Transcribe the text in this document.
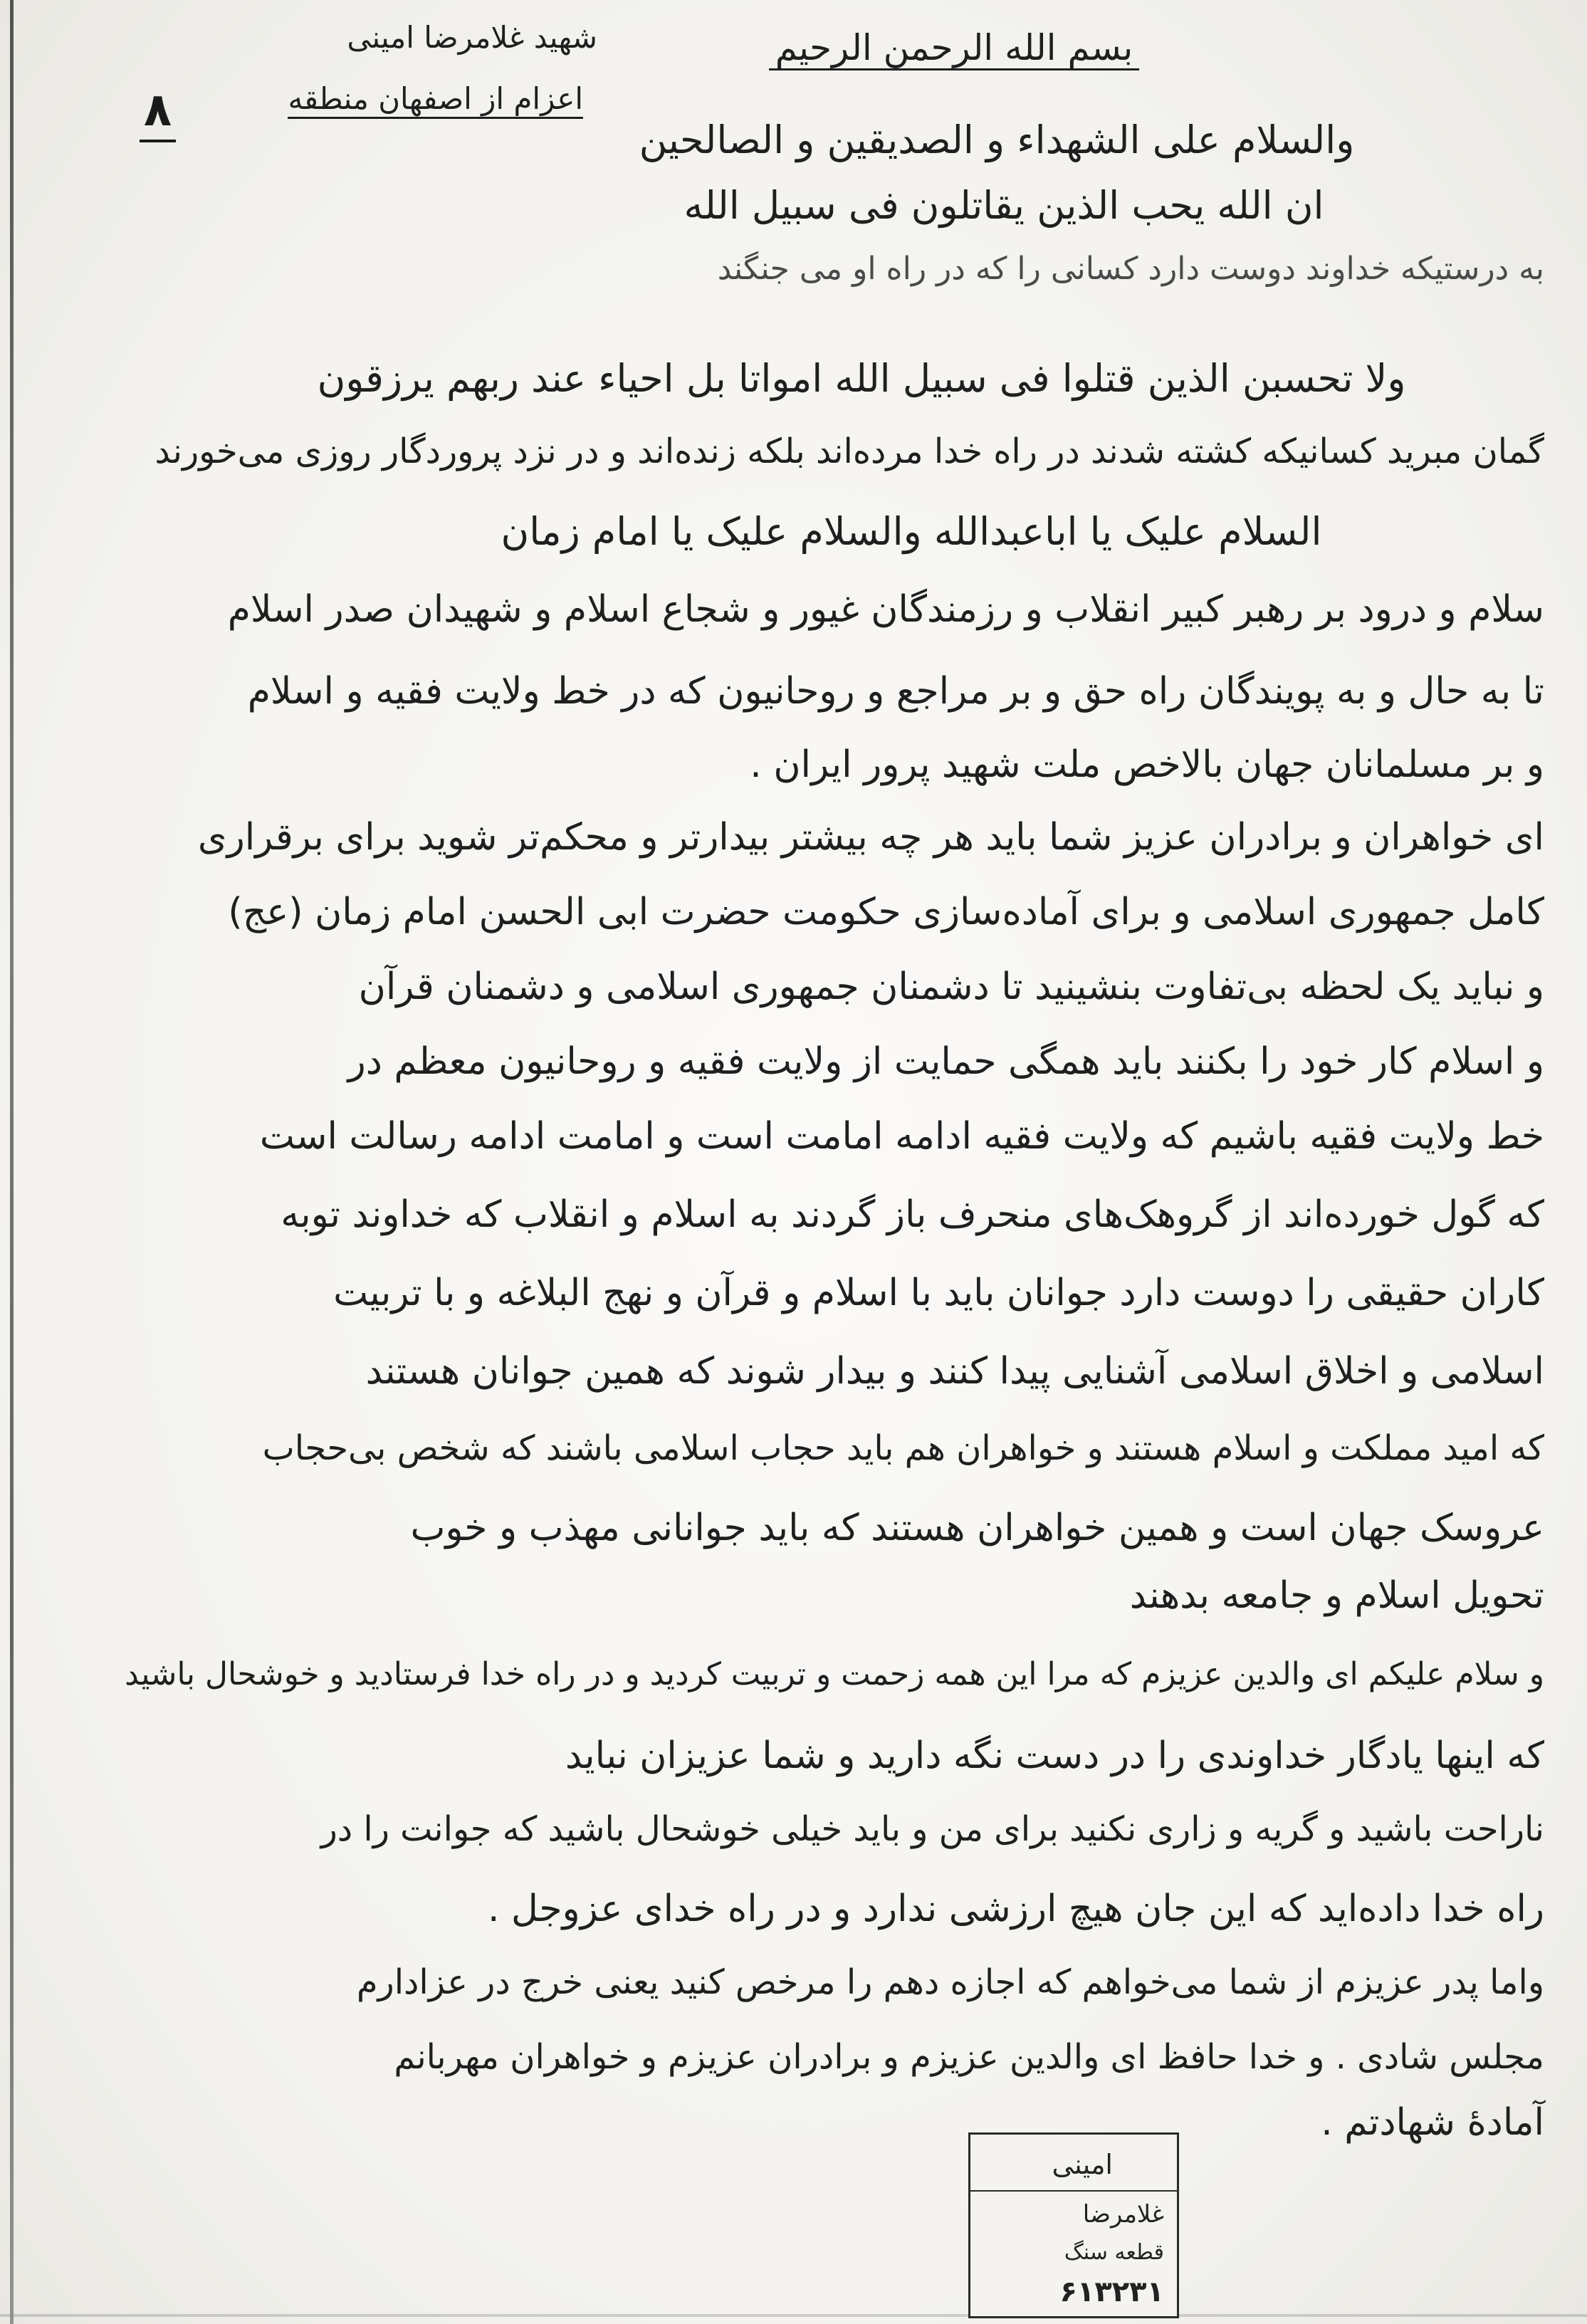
شهید غلامرضا امینی
اعزام از اصفهان منطقه
۸
بسم الله الرحمن الرحیم
والسلام علی الشهداء و الصدیقین و الصالحین
ان الله یحب الذین یقاتلون فی سبیل الله
به درستیکه خداوند دوست دارد کسانی را که در راه او می جنگند
ولا تحسبن الذین قتلوا فی سبیل الله امواتا بل احیاء عند ربهم یرزقون
گمان مبرید کسانیکه کشته شدند در راه خدا مرده‌اند بلکه زنده‌اند و در نزد پروردگار روزی می‌خورند
السلام علیک یا اباعبدالله والسلام علیک یا امام زمان
سلام و درود بر رهبر کبیر انقلاب و رزمندگان غیور و شجاع اسلام و شهیدان صدر اسلام
تا به حال و به پویندگان راه حق و بر مراجع و روحانیون که در خط ولایت فقیه و اسلام
و بر مسلمانان جهان بالاخص ملت شهید پرور ایران .
ای خواهران و برادران عزیز شما باید هر چه بیشتر بیدارتر و محکم‌تر شوید برای برقراری
کامل جمهوری اسلامی و برای آماده‌سازی حکومت حضرت ابی الحسن امام زمان (عج)
و نباید یک لحظه بی‌تفاوت بنشینید تا دشمنان جمهوری اسلامی و دشمنان قرآن
و اسلام کار خود را بکنند باید همگی حمایت از ولایت فقیه و روحانیون معظم در
خط ولایت فقیه باشیم که ولایت فقیه ادامه امامت است و امامت ادامه رسالت است
که گول خورده‌اند از گروهک‌های منحرف باز گردند به اسلام و انقلاب که خداوند توبه
کاران حقیقی را دوست دارد جوانان باید با اسلام و قرآن و نهج البلاغه و با تربیت
اسلامی و اخلاق اسلامی آشنایی پیدا کنند و بیدار شوند که همین جوانان هستند
که امید مملکت و اسلام هستند و خواهران هم باید حجاب اسلامی باشند که شخص بی‌حجاب
عروسک جهان است و همین خواهران هستند که باید جوانانی مهذب و خوب
تحویل اسلام و جامعه بدهند
و سلام علیکم ای والدین عزیزم که مرا این همه زحمت و تربیت کردید و در راه خدا فرستادید و خوشحال باشید
که اینها یادگار خداوندی را در دست نگه دارید و شما عزیزان نباید
ناراحت باشید و گریه و زاری نکنید برای من و باید خیلی خوشحال باشید که جوانت را در
راه خدا داده‌اید که این جان هیچ ارزشی ندارد و در راه خدای عزوجل .
واما پدر عزیزم از شما می‌خواهم که اجازه دهم را مرخص کنید یعنی خرج در عزادارم
مجلس شادی . و خدا حافظ ای والدین عزیزم و برادران عزیزم و خواهران مهربانم
آمادهٔ شهادتم .
امینی
غلامرضا
قطعه سنگ
۶۱۳۲۳۱
